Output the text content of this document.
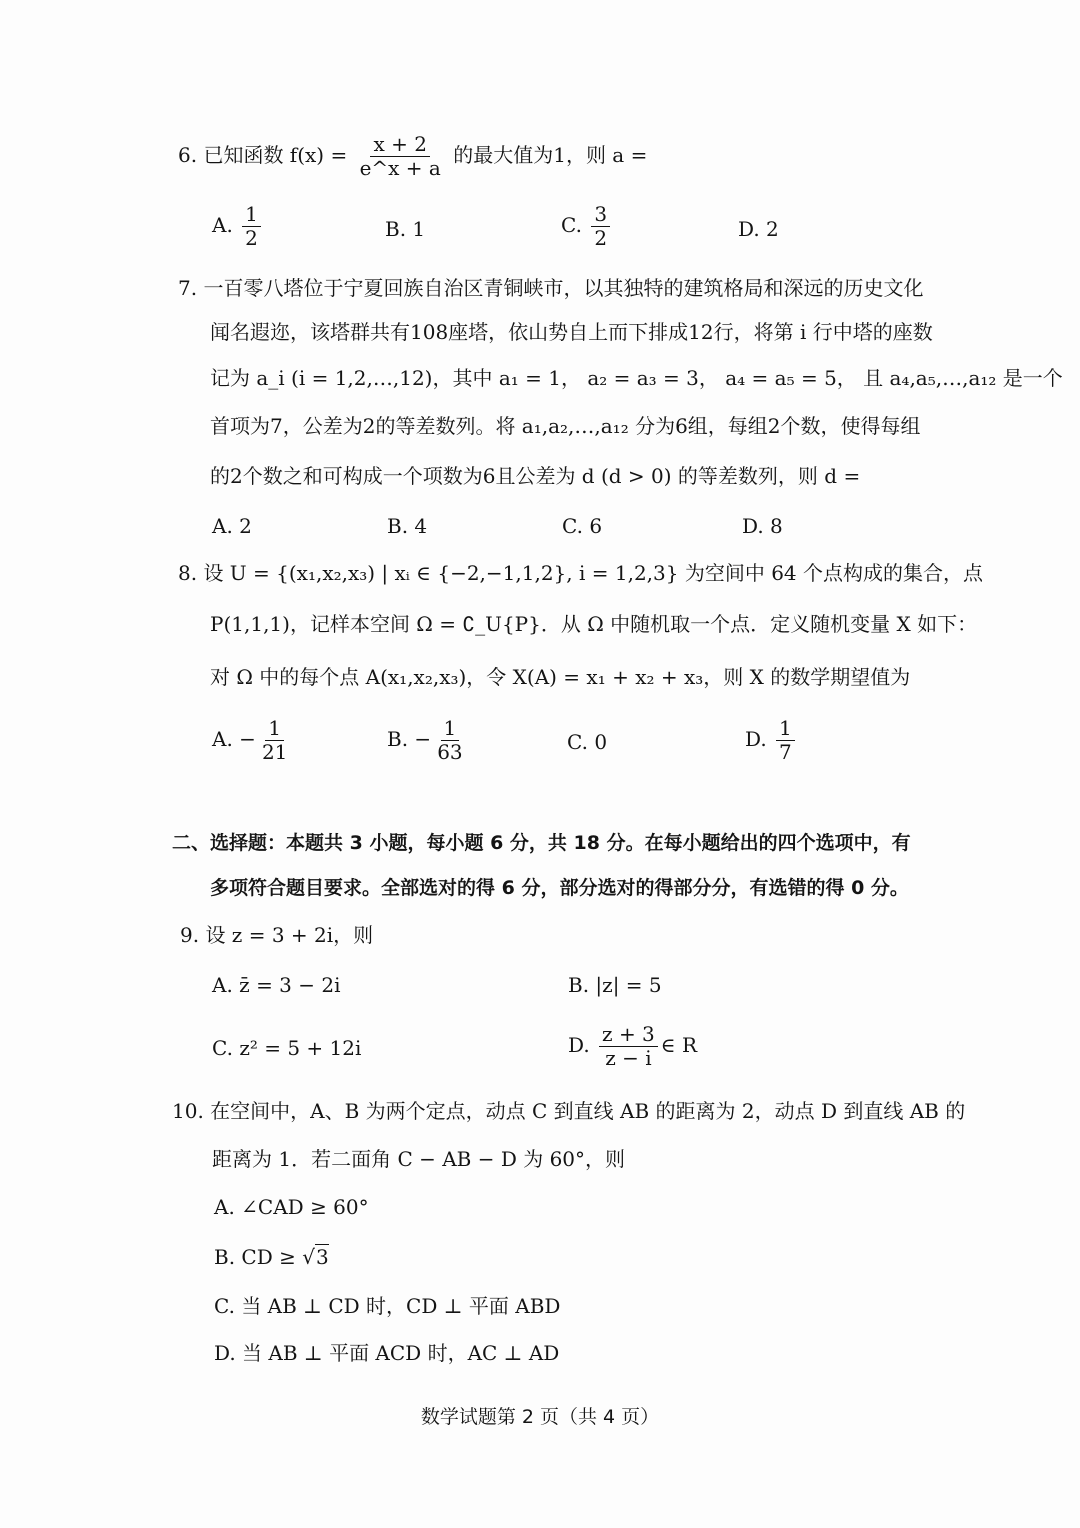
6. 已知函数 $f(x) = \frac{x + 2}{e\^{}x + a}$ 的最大值为1，则 a =
A. $\frac{1}{2}$	B. 1	C. $\frac{3}{2}$	D. 2
7. 一百零八塔位于宁夏回族自治区青铜峡市，以其独特的建筑格局和深远的历史文化
闻名遐迩，该塔群共有108座塔，依山势自上而下排成12行，将第 i 行中塔的座数
记为 a_i (i = 1,2,…,12)，其中 a₁ = 1， a₂ = a₃ = 3， a₄ = a₅ = 5， 且 a₄,a₅,…,a₁₂ 是一个
首项为7，公差为2的等差数列。将 a₁,a₂,…,a₁₂ 分为6组，每组2个数，使得每组
的2个数之和可构成一个项数为6且公差为 d (d > 0) 的等差数列，则 d =
A. 2	B. 4	C. 6	D. 8
8. 设 U = {(x₁,x₂,x₃) | xᵢ ∈ {−2,−1,1,2}, i = 1,2,3} 为空间中 64 个点构成的集合，点
P(1,1,1)，记样本空间 Ω = ∁_U{P}．从 Ω 中随机取一个点．定义随机变量 X 如下：
对 Ω 中的每个点 A(x₁,x₂,x₃)，令 X(A) = x₁ + x₂ + x₃，则 X 的数学期望值为
A. − $\frac{1}{21}$	B. − $\frac{1}{63}$	C. 0	D. $\frac{1}{7}$
二、选择题：本题共 3 小题，每小题 6 分，共 18 分。在每小题给出的四个选项中，有
多项符合题目要求。全部选对的得 6 分，部分选对的得部分分，有选错的得 0 分。
9. 设 z = 3 + 2i，则
A. z̄ = 3 − 2i	B. |z| = 5
C. z² = 5 + 12i	D. $\frac{z + 3}{z - i}$ ∈ R
10. 在空间中，A、B 为两个定点，动点 C 到直线 AB 的距离为 2，动点 D 到直线 AB 的
距离为 1．若二面角 C − AB − D 为 60°，则
A. ∠CAD ≥ 60°
B. CD ≥ √3
C. 当 AB ⊥ CD 时，CD ⊥ 平面 ABD
D. 当 AB ⊥ 平面 ACD 时，AC ⊥ AD
数学试题第 2 页（共 4 页）
